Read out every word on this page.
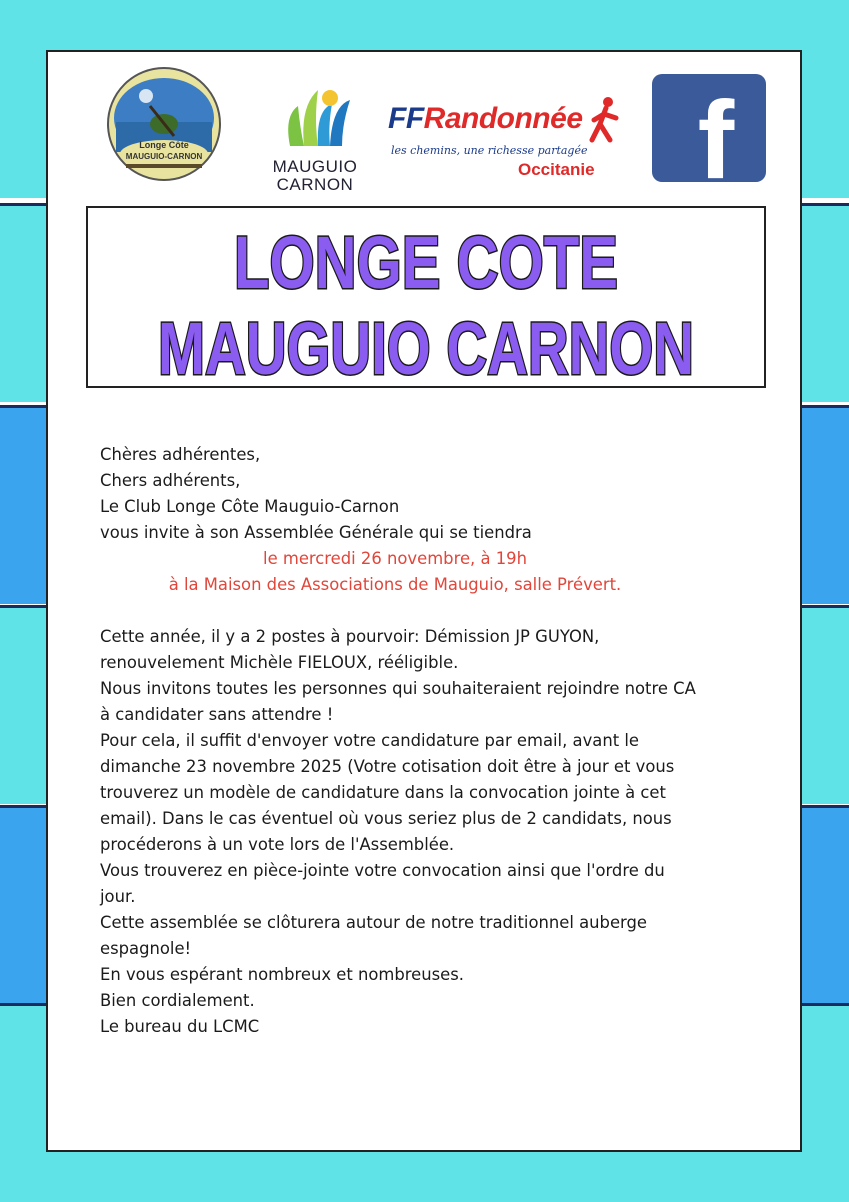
Longe Côte
MAUGUIO-CARNON
MAUGUIO
CARNON
FFRandonnée
les chemins, une richesse partagée
Occitanie f
LONGE COTE
MAUGUIO CARNON

Chères adhérentes,

Chers adhérents,

Le Club Longe Côte Mauguio-Carnon

vous invite à son Assemblée Générale qui se tiendra

le mercredi 26 novembre, à 19h

à la Maison des Associations de Mauguio, salle Prévert.

Cette année, il y a 2 postes à pourvoir: Démission JP GUYON,

renouvelement Michèle FIELOUX, rééligible.

Nous invitons toutes les personnes qui souhaiteraient rejoindre notre CA

à candidater sans attendre !

Pour cela, il suffit d'envoyer votre candidature par email, avant le

dimanche 23 novembre 2025 (Votre cotisation doit être à jour et vous

trouverez un modèle de candidature dans la convocation jointe à cet

email). Dans le cas éventuel où vous seriez plus de 2 candidats, nous

procéderons à un vote lors de l'Assemblée.

Vous trouverez en pièce-jointe votre convocation ainsi que l'ordre du

jour.

Cette assemblée se clôturera autour de notre traditionnel auberge

espagnole!

En vous espérant nombreux et nombreuses.

Bien cordialement.

Le bureau du LCMC
